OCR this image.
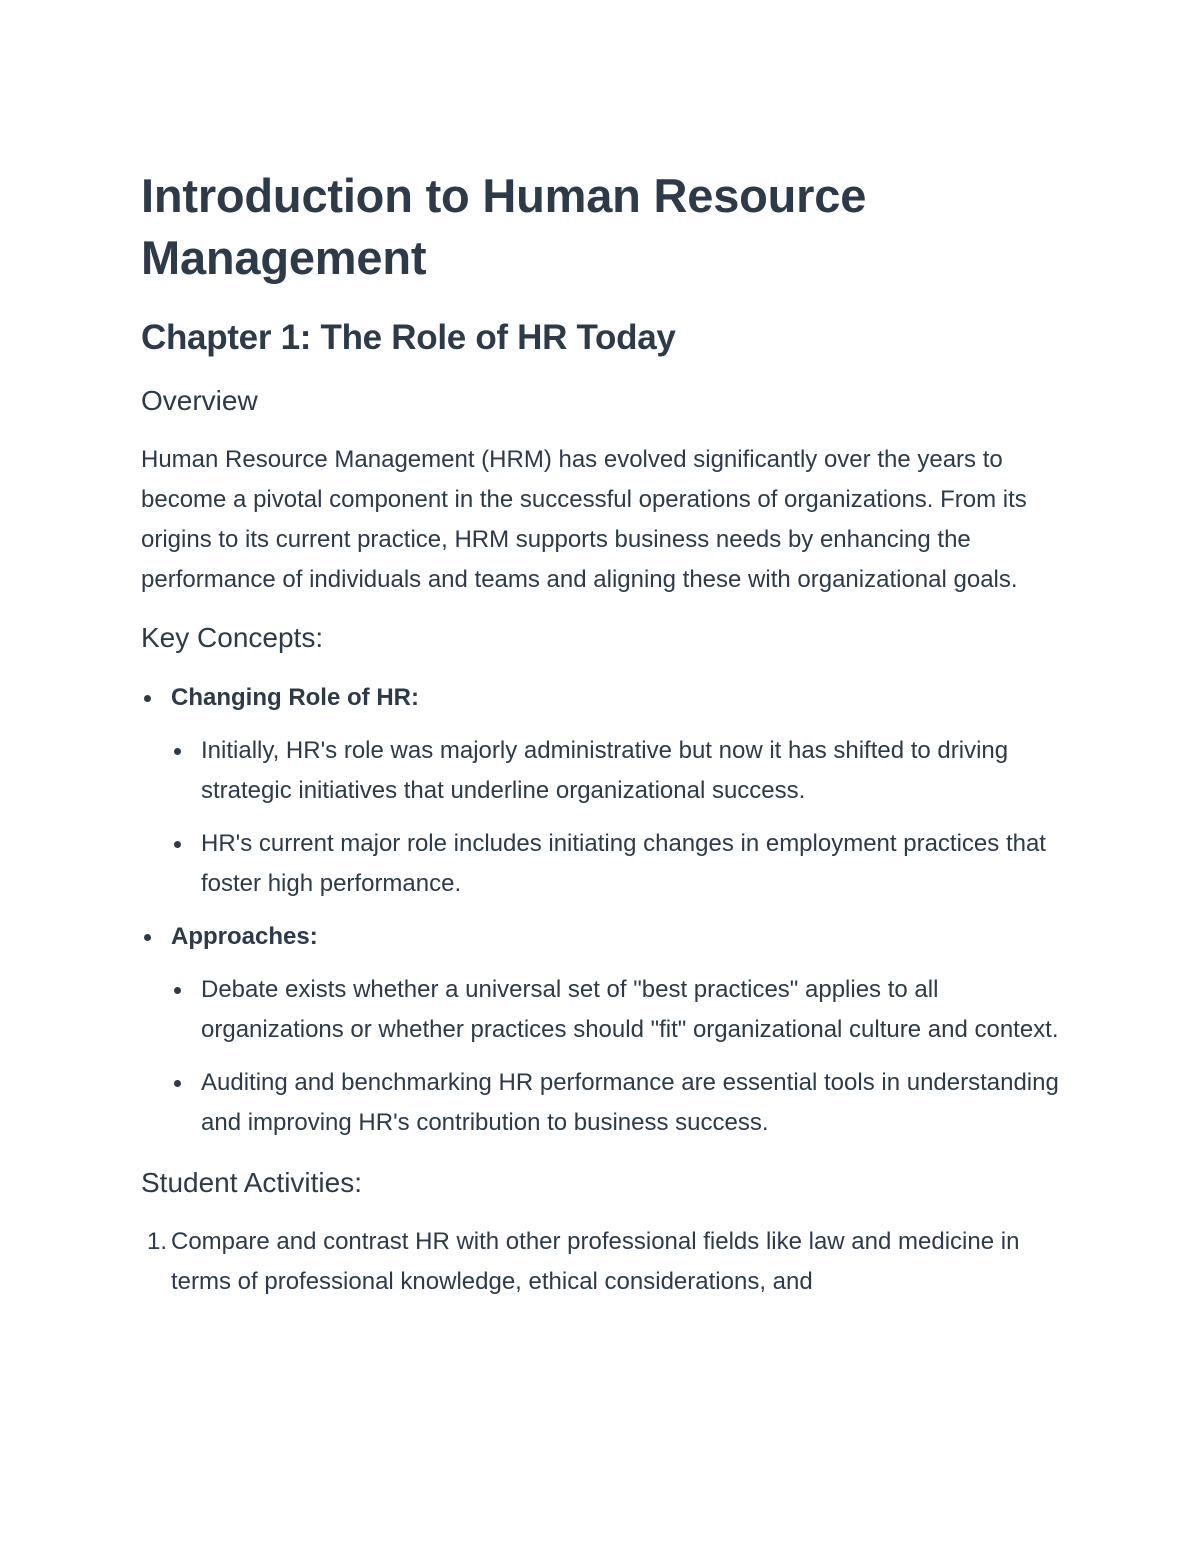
Introduction to Human Resource Management
Chapter 1: The Role of HR Today
Overview

Human Resource Management (HRM) has evolved significantly over the years to become a pivotal component in the successful operations of organizations. From its origins to its current practice, HRM supports business needs by enhancing the performance of individuals and teams and aligning these with organizational goals.

Key Concepts:
Changing Role of HR:
Initially, HR's role was majorly administrative but now it has shifted to driving strategic initiatives that underline organizational success.
HR's current major role includes initiating changes in employment practices that foster high performance.
Approaches:
Debate exists whether a universal set of "best practices" applies to all organizations or whether practices should "fit" organizational culture and context.
Auditing and benchmarking HR performance are essential tools in understanding and improving HR's contribution to business success.
Student Activities:
1. Compare and contrast HR with other professional fields like law and medicine in terms of professional knowledge, ethical considerations, and
